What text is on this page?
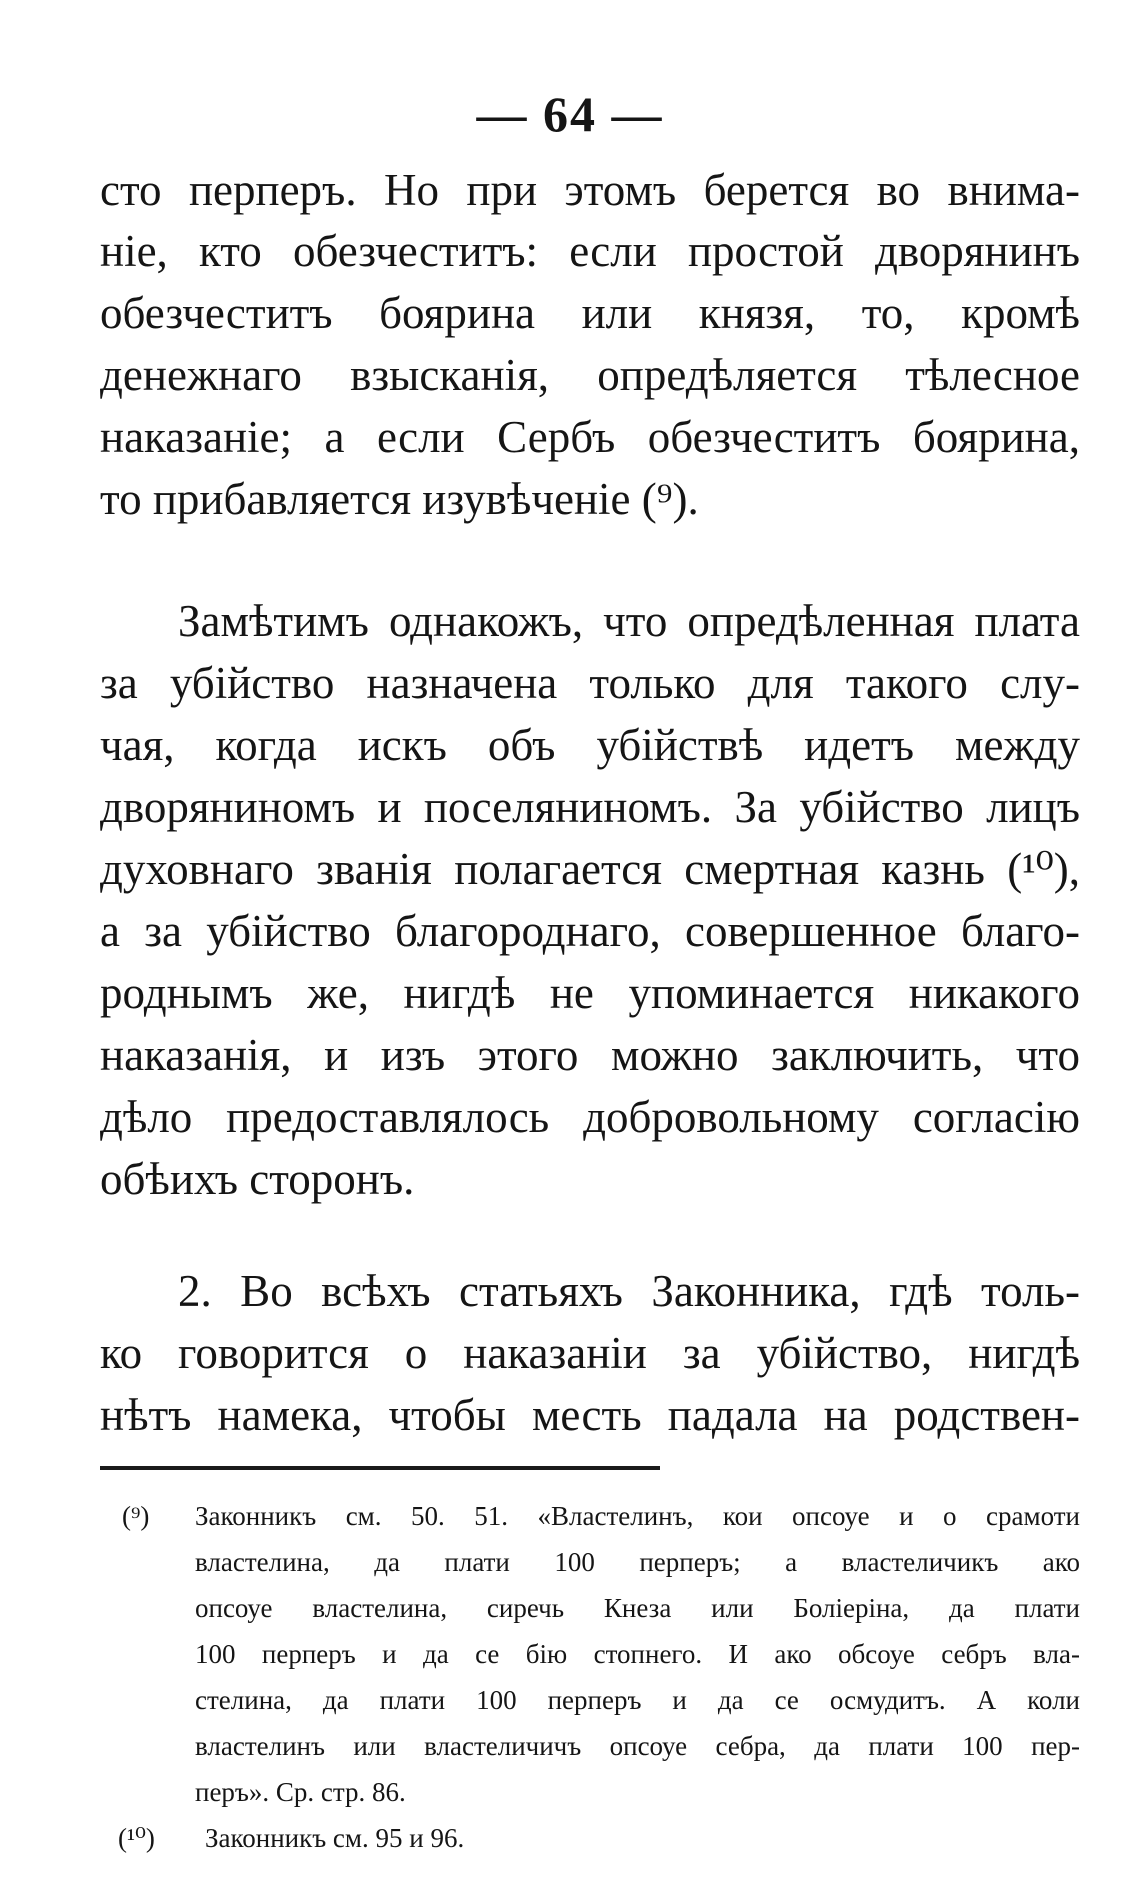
— 64 —
сто перперъ. Но при этомъ берется во внима-
ніе, кто обезчеститъ: если простой дворянинъ
обезчеститъ боярина или князя, то, кромѣ
денежнаго взысканія, опредѣляется тѣлесное
наказаніе; а если Сербъ обезчеститъ боярина,
то прибавляется изувѣченіе (⁹).
Замѣтимъ однакожъ, что опредѣленная плата
за убійство назначена только для такого слу-
чая, когда искъ объ убійствѣ идетъ между
дворяниномъ и поселяниномъ. За убійство лицъ
духовнаго званія полагается смертная казнь (¹⁰),
а за убійство благороднаго, совершенное благо-
роднымъ же, нигдѣ не упоминается никакого
наказанія, и изъ этого можно заключить, что
дѣло предоставлялось добровольному согласію
обѣихъ сторонъ.
2. Во всѣхъ статьяхъ Законника, гдѣ толь-
ко говорится о наказаніи за убійство, нигдѣ
нѣтъ намека, чтобы месть падала на родствен-
(⁹) Законникъ см. 50. 51. «Властелинъ, кои опсоуе и о срамоти
властелина, да плати 100 перперъ; а властеличикъ ако
опсоуе властелина, сиречь Кнеза или Боліеріна, да плати
100 перперъ и да се бію стопнего. И ако обсоуе себръ вла-
стелина, да плати 100 перперъ и да се осмудитъ. А коли
властелинъ или властеличичъ опсоуе себра, да плати 100 пер-
перъ». Ср. стр. 86.
(¹⁰) Законникъ см. 95 и 96.
